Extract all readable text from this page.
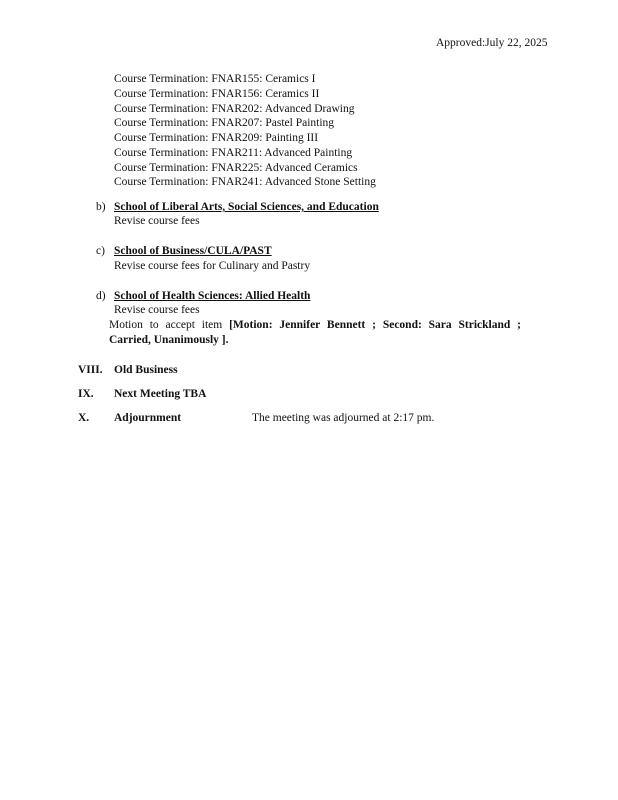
Approved:July 22, 2025
Course Termination: FNAR155: Ceramics I
Course Termination: FNAR156: Ceramics II
Course Termination: FNAR202: Advanced Drawing
Course Termination: FNAR207: Pastel Painting
Course Termination: FNAR209: Painting III
Course Termination: FNAR211: Advanced Painting
Course Termination: FNAR225: Advanced Ceramics
Course Termination: FNAR241: Advanced Stone Setting
b) School of Liberal Arts, Social Sciences, and Education
Revise course fees
c) School of Business/CULA/PAST
Revise course fees for Culinary and Pastry
d) School of Health Sciences: Allied Health
Revise course fees
Motion to accept item [Motion: Jennifer Bennett ; Second: Sara Strickland ; Carried, Unanimously ].
VIII. Old Business
IX. Next Meeting TBA
X. Adjournment	The meeting was adjourned at 2:17 pm.
